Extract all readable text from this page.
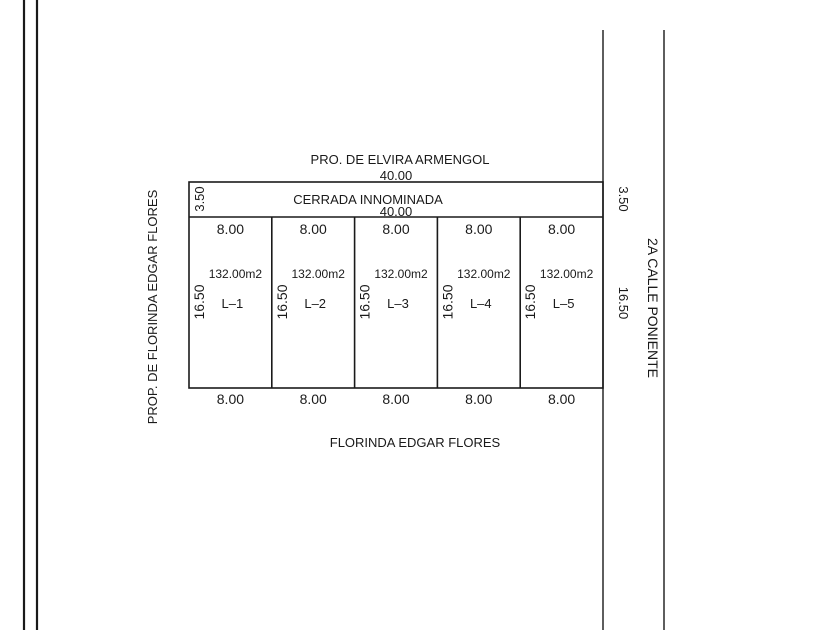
PRO. DE ELVIRA ARMENGOL
FLORINDA EDGAR FLORES
PROP. DE FLORINDA EDGAR FLORES	2A CALLE PONIENTE
40.00
CERRADA INNOMINADA
40.00
3.50	3.50
16.50
8.00
132.00m2
L–1
16.50
8.00
8.00
132.00m2
L–2
16.50
8.00
8.00
132.00m2
L–3
16.50
8.00
8.00
132.00m2
L–4
16.50
8.00
8.00
132.00m2
L–5
16.50
8.00
